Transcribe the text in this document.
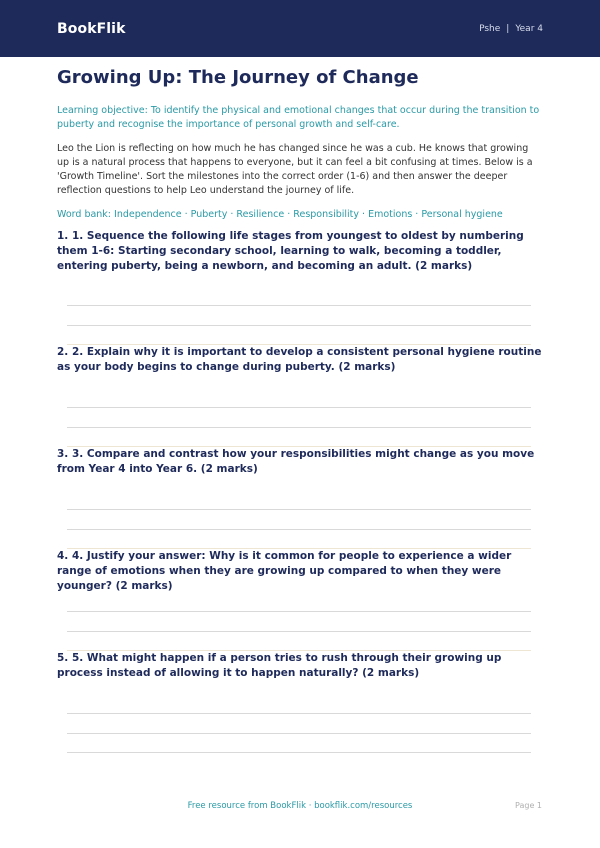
BookFlik	Pshe | Year 4
Growing Up: The Journey of Change
Learning objective: To identify the physical and emotional changes that occur during the transition to puberty and recognise the importance of personal growth and self-care.
Leo the Lion is reflecting on how much he has changed since he was a cub. He knows that growing up is a natural process that happens to everyone, but it can feel a bit confusing at times. Below is a 'Growth Timeline'. Sort the milestones into the correct order (1-6) and then answer the deeper reflection questions to help Leo understand the journey of life.
Word bank: Independence · Puberty · Resilience · Responsibility · Emotions · Personal hygiene
1. 1. Sequence the following life stages from youngest to oldest by numbering them 1-6: Starting secondary school, learning to walk, becoming a toddler, entering puberty, being a newborn, and becoming an adult. (2 marks)
2. 2. Explain why it is important to develop a consistent personal hygiene routine as your body begins to change during puberty. (2 marks)
3. 3. Compare and contrast how your responsibilities might change as you move from Year 4 into Year 6. (2 marks)
4. 4. Justify your answer: Why is it common for people to experience a wider range of emotions when they are growing up compared to when they were younger? (2 marks)
5. 5. What might happen if a person tries to rush through their growing up process instead of allowing it to happen naturally? (2 marks)
Free resource from BookFlik · bookflik.com/resources	Page 1
